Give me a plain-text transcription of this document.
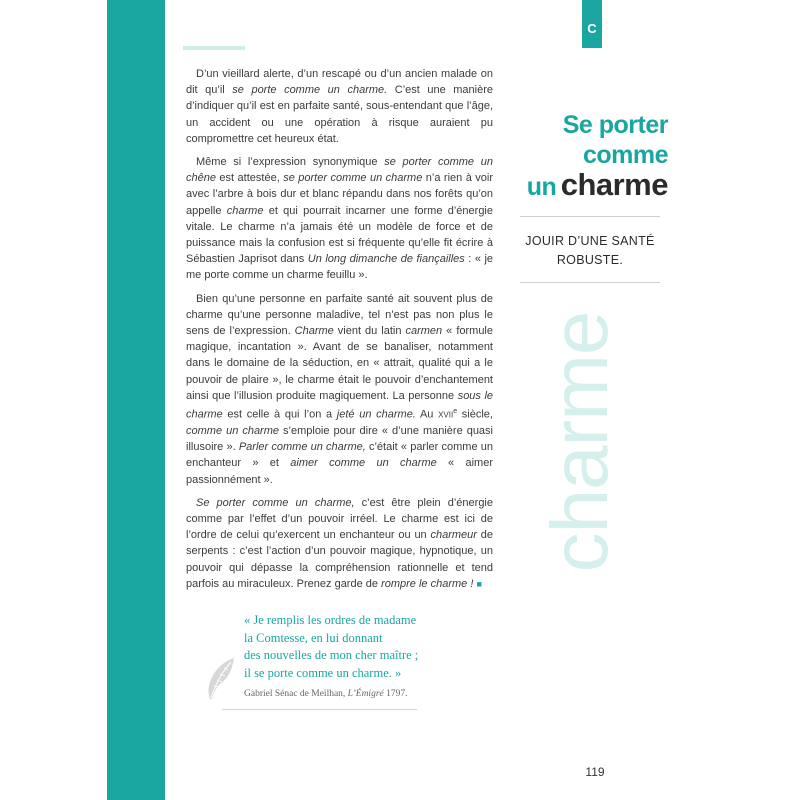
C

D’un vieillard alerte, d’un rescapé ou d’un ancien malade on dit qu’il se porte comme un charme. C’est une manière d’indiquer qu’il est en parfaite santé, sous-entendant que l’âge, un accident ou une opération à risque auraient pu compromettre cet heureux état.

Même si l’expression synonymique se porter comme un chêne est attestée, se porter comme un charme n’a rien à voir avec l’arbre à bois dur et blanc répandu dans nos forêts qu’on appelle charme et qui pourrait incarner une forme d’énergie vitale. Le charme n’a jamais été un modèle de force et de puissance mais la confusion est si fréquente qu’elle fit écrire à Sébastien Japrisot dans Un long dimanche de fiançailles : « je me porte comme un charme feuillu ».

Bien qu’une personne en parfaite santé ait souvent plus de charme qu’une personne maladive, tel n’est pas non plus le sens de l’expression. Charme vient du latin carmen « formule magique, incantation ». Avant de se banaliser, notamment dans le domaine de la séduction, en « attrait, qualité qui a le pouvoir de plaire », le charme était le pouvoir d’enchantement ainsi que l’illusion produite magiquement. La personne sous le charme est celle à qui l’on a jeté un charme. Au xvii$^e$ siècle, comme un charme s’emploie pour dire « d’une manière quasi illusoire ». Parler comme un charme, c’était « parler comme un enchanteur » et aimer comme un charme « aimer passionnément ».

Se porter comme un charme, c’est être plein d’énergie comme par l’effet d’un pouvoir irréel. Le charme est ici de l’ordre de celui qu’exercent un enchanteur ou un charmeur de serpents : c’est l’action d’un pouvoir magique, hypnotique, un pouvoir qui dépasse la compréhension rationnelle et tend parfois au miraculeux. Prenez garde de rompre le charme ! ■

Se porter
comme
un charme
JOUIR D’UNE SANTÉ
ROBUSTE.
charme
« Je remplis les ordres de madame
la Comtesse, en lui donnant
des nouvelles de mon cher maître ;
il se porte comme un charme. »
Gabriel Sénac de Meilhan, L’Émigré 1797.
119
